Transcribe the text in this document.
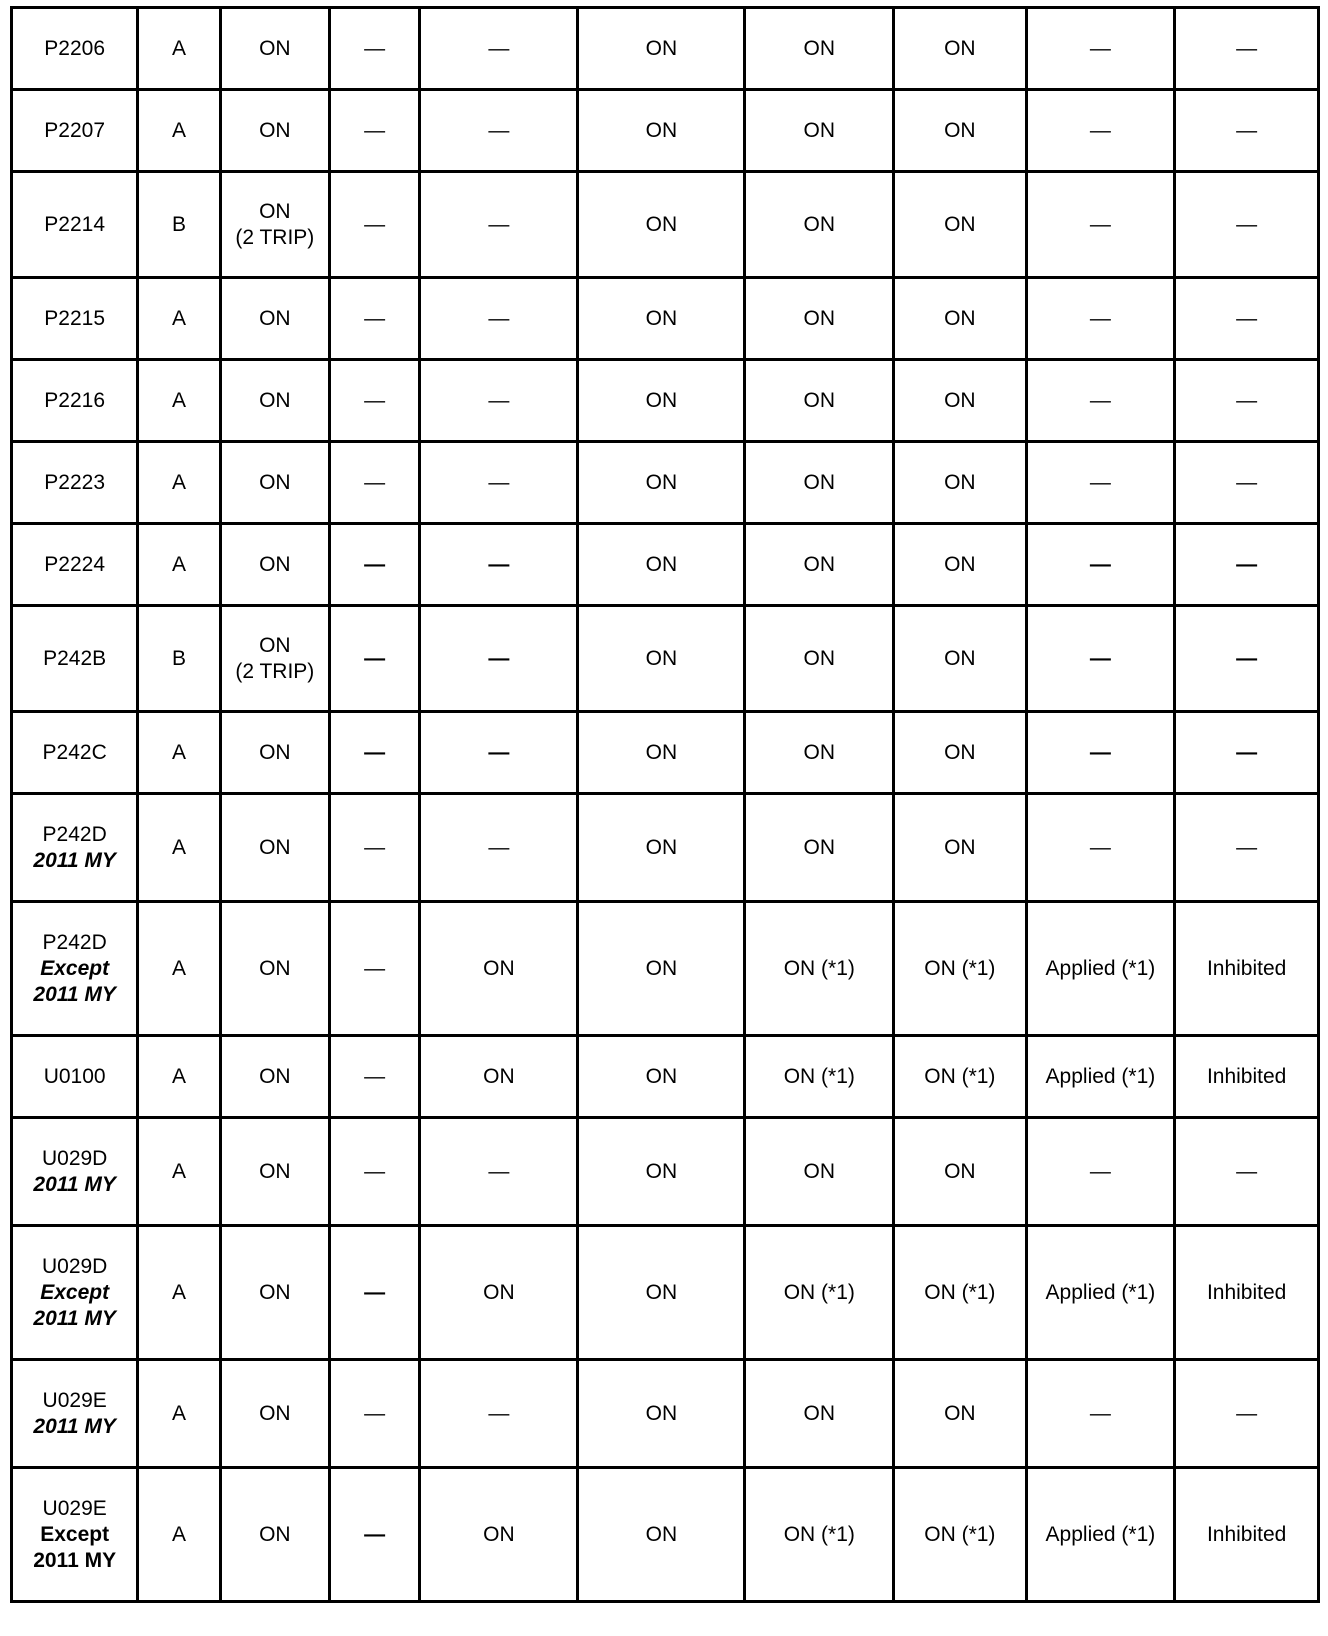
P2206	A	ON	—	—	ON	ON	ON	—	—

P2207	A	ON	—	—	ON	ON	ON	—	—

P2214	B	ON
(2 TRIP)	—	—	ON	ON	ON	—	—

P2215	A	ON	—	—	ON	ON	ON	—	—

P2216	A	ON	—	—	ON	ON	ON	—	—

P2223	A	ON	—	—	ON	ON	ON	—	—

P2224	A	ON	—	—	ON	ON	ON	—	—

P242B	B	ON
(2 TRIP)	—	—	ON	ON	ON	—	—

P242C	A	ON	—	—	ON	ON	ON	—	—

P242D
2011 MY	A	ON	—	—	ON	ON	ON	—	—

P242D
Except
2011 MY	A	ON	—	ON	ON	ON (*1)	ON (*1)	Applied (*1)	Inhibited

U0100	A	ON	—	ON	ON	ON (*1)	ON (*1)	Applied (*1)	Inhibited

U029D
2011 MY	A	ON	—	—	ON	ON	ON	—	—

U029D
Except
2011 MY	A	ON	—	ON	ON	ON (*1)	ON (*1)	Applied (*1)	Inhibited

U029E
2011 MY	A	ON	—	—	ON	ON	ON	—	—

U029E
Except
2011 MY	A	ON	—	ON	ON	ON (*1)	ON (*1)	Applied (*1)	Inhibited
